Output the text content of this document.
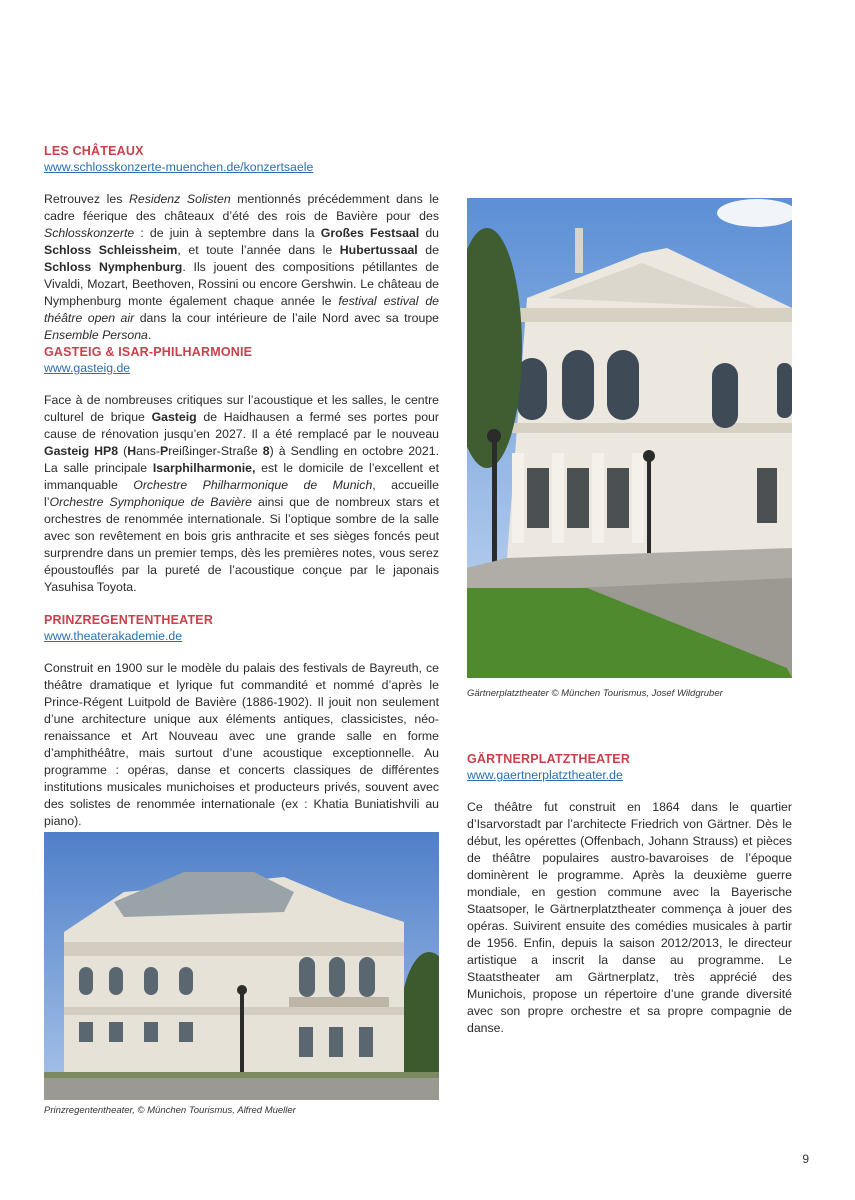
LES CHÂTEAUX
www.schlosskonzerte-muenchen.de/konzertsaele

Retrouvez les Residenz Solisten mentionnés précédemment dans le cadre féerique des châteaux d’été des rois de Bavière pour des Schlosskonzerte : de juin à septembre dans la Großes Festsaal du Schloss Schleissheim, et toute l’année dans le Hubertussaal de Schloss Nymphenburg. Ils jouent des compositions pétillantes de Vivaldi, Mozart, Beethoven, Rossini ou encore Gershwin. Le château de Nymphenburg monte également chaque année le festival estival de théâtre open air dans la cour intérieure de l’aile Nord avec sa troupe Ensemble Persona.

GASTEIG & ISAR-PHILHARMONIE
www.gasteig.de

Face à de nombreuses critiques sur l’acoustique et les salles, le centre culturel de brique Gasteig de Haidhausen a fermé ses portes pour cause de rénovation jusqu’en 2027. Il a été remplacé par le nouveau Gasteig HP8 (Hans-Preißinger-Straße 8) à Sendling en octobre 2021. La salle principale Isarphilharmonie, est le domicile de l’excellent et immanquable Orchestre Philharmonique de Munich, accueille l’Orchestre Symphonique de Bavière ainsi que de nombreux stars et orchestres de renommée internationale. Si l’optique sombre de la salle avec son revêtement en bois gris anthracite et ses sièges foncés peut surprendre dans un premier temps, dès les premières notes, vous serez époustouflés par la pureté de l’acoustique conçue par le japonais Yasuhisa Toyota.

PRINZREGENTENTHEATER
www.theaterakademie.de

Construit en 1900 sur le modèle du palais des festivals de Bayreuth, ce théâtre dramatique et lyrique fut commandité et nommé d’après le Prince-Régent Luitpold de Bavière (1886-1902). Il jouit non seulement d’une architecture unique aux éléments antiques, classicistes, néo-renaissance et Art Nouveau avec une grande salle en forme d’amphithéâtre, mais surtout d’une acoustique exceptionnelle. Au programme : opéras, danse et concerts classiques de différentes institutions musicales munichoises et producteurs privés, souvent avec des solistes de renommée internationale (ex : Khatia Buniatishvili au piano).

Prinzregententheater, © München Tourismus, Alfred Mueller
Gärtnerplatztheater © München Tourismus, Josef Wildgruber
GÄRTNERPLATZTHEATER
www.gaertnerplatztheater.de

Ce théâtre fut construit en 1864 dans le quartier d’Isarvorstadt par l’architecte Friedrich von Gärtner. Dès le début, les opérettes (Offenbach, Johann Strauss) et pièces de théâtre populaires austro-bavaroises de l’époque dominèrent le programme. Après la deuxième guerre mondiale, en gestion commune avec la Bayerische Staatsoper, le Gärtnerplatztheater commença à jouer des opéras. Suivirent ensuite des comédies musicales à partir de 1956. Enfin, depuis la saison 2012/2013, le directeur artistique a inscrit la danse au programme. Le Staatstheater am Gärtnerplatz, très apprécié des Munichois, propose un répertoire d’une grande diversité avec son propre orchestre et sa propre compagnie de danse.

9
